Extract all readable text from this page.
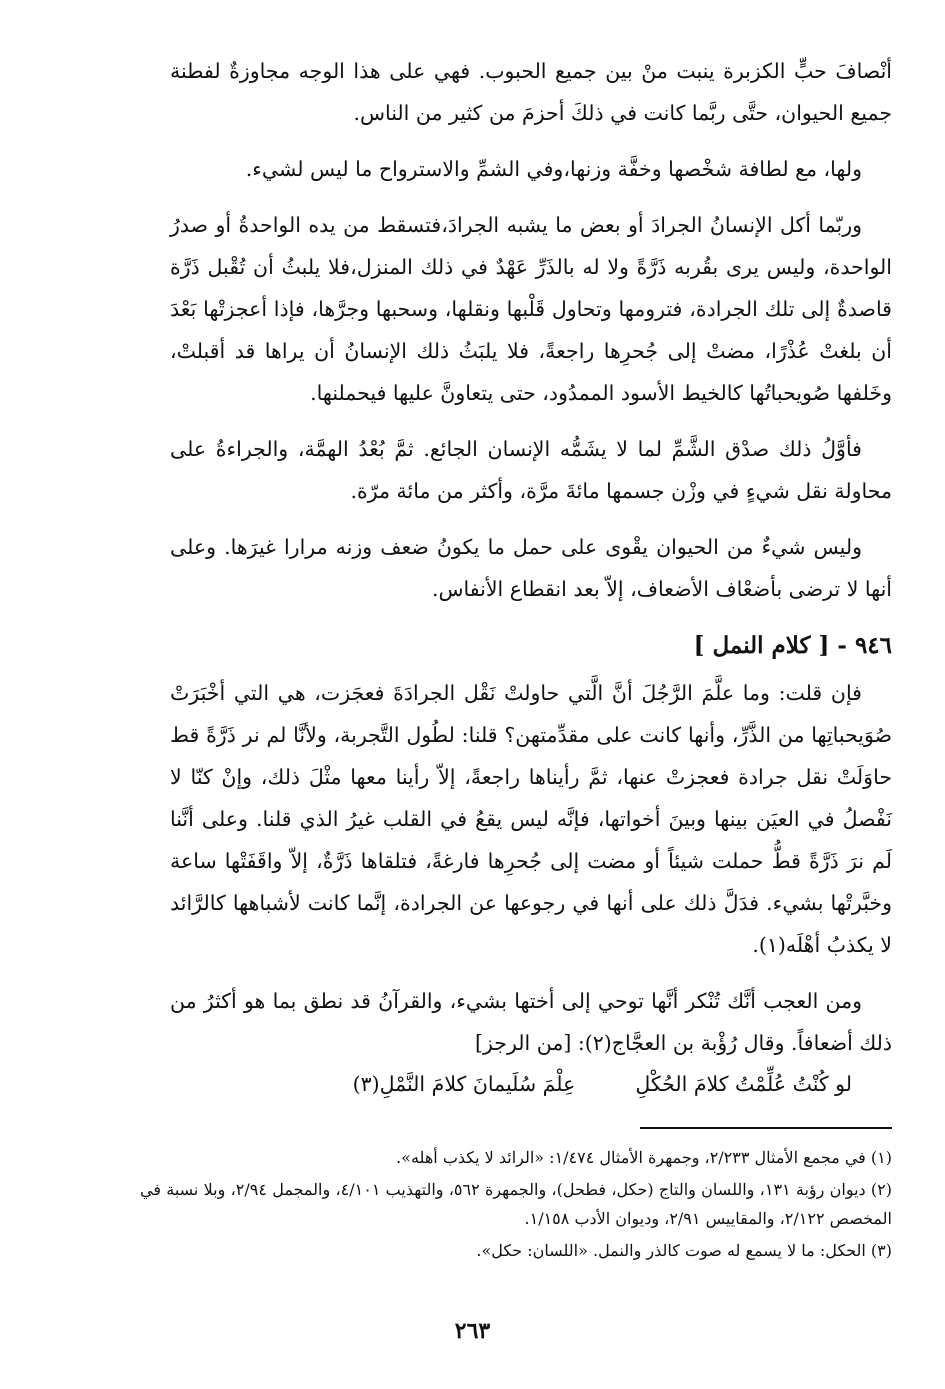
أنْصافَ حبٍّ الكزبرة ينبت منْ بين جميع الحبوب. فهي على هذا الوجه مجاوزةٌ لفطنة جميع الحيوان، حتَّى ربَّما كانت في ذلكَ أحزمَ من كثير من الناس.

ولها، مع لطافة شخْصها وخفَّة وزنها،وفي الشمِّ والاسترواح ما ليس لشيء.

وربّما أكل الإنسانُ الجرادَ أو بعض ما يشبه الجرادَ،فتسقط من يده الواحدةُ أو صدرُ الواحدة، وليس يرى بقُربه ذَرَّةً ولا له بالذَرِّ عَهْدٌ في ذلك المنزل،فلا يلبثُ أن تُقْبل ذَرَّة قاصدةٌ إلى تلك الجرادة، فترومها وتحاول قَلْبها ونقلها، وسحبها وجرَّها، فإذا أعجزتْها بَعْدَ أن بلغتْ عُذْرًا، مضتْ إلى جُحرِها راجعةً، فلا يلبَثُ ذلك الإنسانُ أن يراها قد أقبلتْ، وخَلفها صُويحباتُها كالخيط الأسود الممدُود، حتى يتعاونَّ عليها فيحملنها.

فأوَّلُ ذلك صدْق الشَّمِّ لما لا يشَمُّه الإنسان الجائع. ثمَّ بُعْدُ الهمَّة، والجراءةُ على محاولة نقل شيءٍ في وزْن جسمها مائةَ مرَّة، وأكثر من مائة مرّة.

وليس شيءٌ من الحيوان يقْوى على حمل ما يكونُ ضعف وزنه مرارا غيرَها. وعلى أنها لا ترضى بأضعْاف الأضعاف، إلاّ بعد انقطاع الأنفاس.

٩٤٦ - [ كلام النمل ]

فإن قلت: وما علَّمَ الرَّجُلَ أنَّ الَّتي حاولتْ نَقْل الجرادَةَ فعجَزت، هي التي أخْبَرَتْ صُوَيحباتِها من الذَّرِّ، وأنها كانت على مقدِّمتهن؟ قلنا: لطُول التَّجربة، ولأنَّا لم نر ذَرَّةً قط حاوَلَتْ نقل جرادة فعجزتْ عنها، ثمَّ رأيناها راجعةً، إلاّ رأينا معها مثْلَ ذلك، وإنْ كنّا لا نَفْصلُ في العيَن بينها وبينَ أخواتها، فإنَّه ليس يقعُ في القلب غيرُ الذي قلنا. وعلى أنَّنا لَم نرَ ذَرَّةً قطُّ حملت شيئاً أو مضت إلى جُحرِها فارغةً، فتلقاها ذَرَّةٌ، إلاّ واقَفَتْها ساعة وخبَّرتْها بشيء. فدَلَّ ذلك على أنها في رجوعها عن الجرادة، إنَّما كانت لأشباهها كالرَّائد لا يكذبُ أهْلَه(١).

ومن العجب أنَّك تُنْكر أنَّها توحي إلى أختها بشيء، والقرآنُ قد نطق بما هو أكثرُ من ذلك أضعافاً. وقال رُؤْبة بن العجَّاج(٢): [من الرجز]

لو كُنْتُ عُلِّمْتُ كلامَ الحُكْلِ
عِلْمَ سُلَيمانَ كلامَ النَّمْلِ(٣)

(١) في مجمع الأمثال ٢/٢٣٣، وجمهرة الأمثال ١/٤٧٤: «الرائد لا يكذب أهله».

(٢) ديوان رؤبة ١٣١، واللسان والتاج (حكل، فطحل)، والجمهرة ٥٦٢، والتهذيب ٤/١٠١، والمجمل ٢/٩٤، وبلا نسبة في المخصص ٢/١٢٢، والمقاييس ٢/٩١، وديوان الأدب ١/١٥٨.

(٣) الحكل: ما لا يسمع له صوت كالذر والنمل. «اللسان: حكل».

٢٦٣
